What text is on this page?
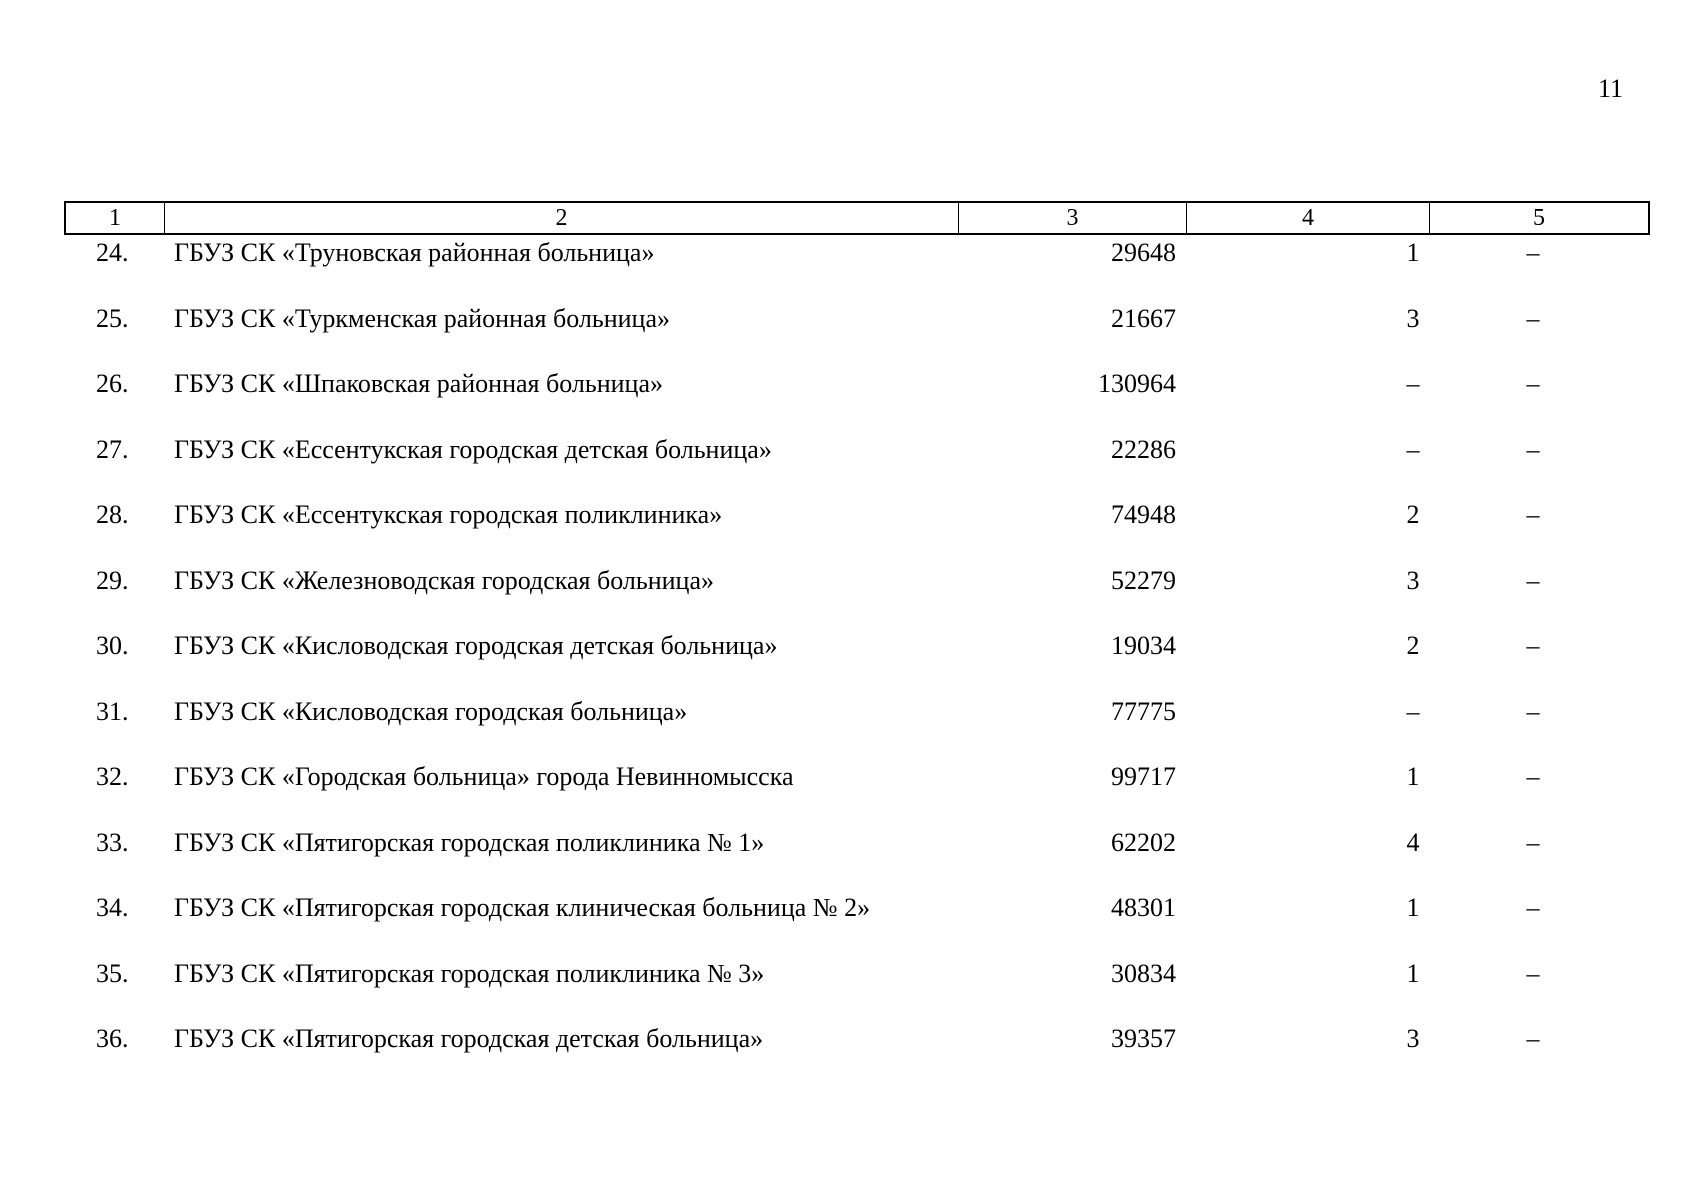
11
1	2	3	4	5
24. ГБУЗ СК «Труновская районная больница»	29648	1	–
25. ГБУЗ СК «Туркменская районная больница»	21667	3	–
26. ГБУЗ СК «Шпаковская районная больница»	130964	–	–
27. ГБУЗ СК «Ессентукская городская детская больница»	22286	–	–
28. ГБУЗ СК «Ессентукская городская поликлиника»	74948	2	–
29. ГБУЗ СК «Железноводская городская больница»	52279	3	–
30. ГБУЗ СК «Кисловодская городская детская больница»	19034	2	–
31. ГБУЗ СК «Кисловодская городская больница»	77775	–	–
32. ГБУЗ СК «Городская больница» города Невинномысска	99717	1	–
33. ГБУЗ СК «Пятигорская городская поликлиника № 1»	62202	4	–
34. ГБУЗ СК «Пятигорская городская клиническая больница № 2»	48301	1	–
35. ГБУЗ СК «Пятигорская городская поликлиника № 3»	30834	1	–
36. ГБУЗ СК «Пятигорская городская детская больница»	39357	3	–
